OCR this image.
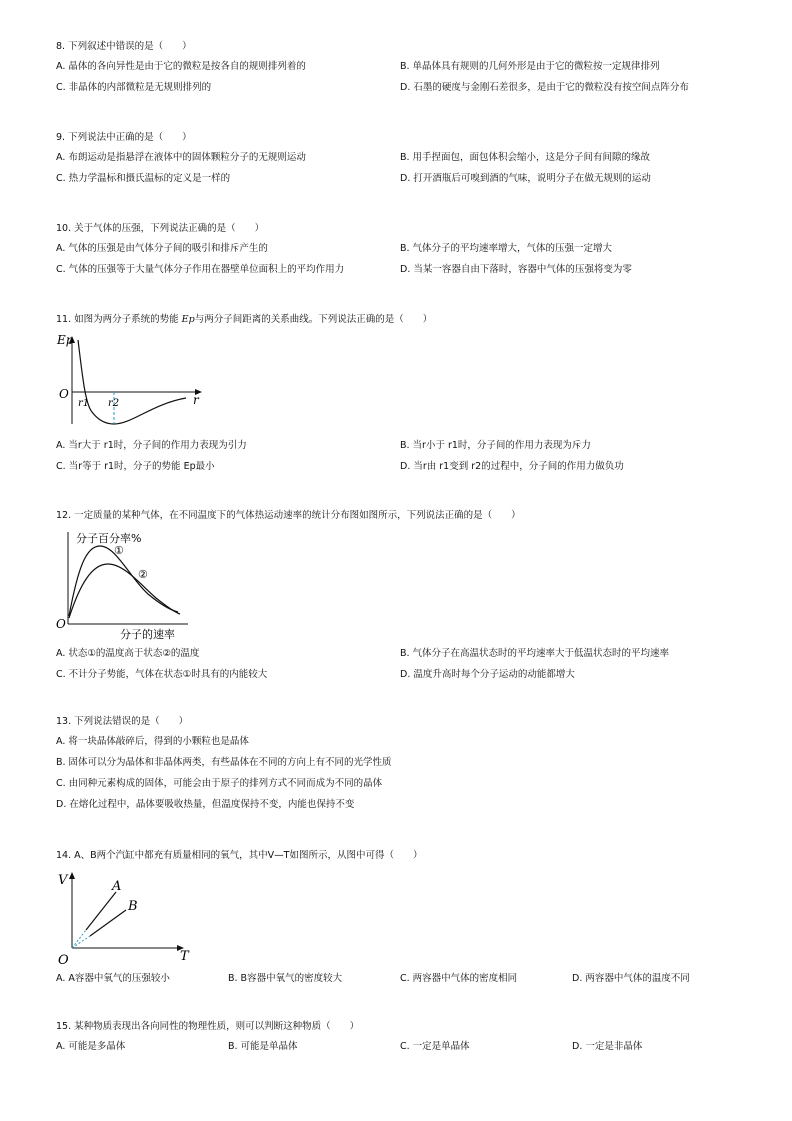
8. 下列叙述中错误的是（　　）
A. 晶体的各向异性是由于它的微粒是按各自的规则排列着的	B. 单晶体具有规则的几何外形是由于它的微粒按一定规律排列
C. 非晶体的内部微粒是无规则排列的	D. 石墨的硬度与金刚石差很多，是由于它的微粒没有按空间点阵分布
9. 下列说法中正确的是（　　）
A. 布朗运动是指悬浮在液体中的固体颗粒分子的无规则运动	B. 用手捏面包，面包体积会缩小，这是分子间有间隙的缘故
C. 热力学温标和摄氏温标的定义是一样的	D. 打开酒瓶后可嗅到酒的气味，说明分子在做无规则的运动
10. 关于气体的压强，下列说法正确的是（　　）
A. 气体的压强是由气体分子间的吸引和排斥产生的	B. 气体分子的平均速率增大，气体的压强一定增大
C. 气体的压强等于大量气体分子作用在器壁单位面积上的平均作用力	D. 当某一容器自由下落时，容器中气体的压强将变为零
11. 如图为两分子系统的势能 Ep与两分子间距离的关系曲线。下列说法正确的是（　　）
Ep
r
O
r1 r2
A. 当r大于 r1时，分子间的作用力表现为引力	B. 当r小于 r1时，分子间的作用力表现为斥力
C. 当r等于 r1时，分子的势能 Ep最小	D. 当r由 r1变到 r2的过程中，分子间的作用力做负功
12. 一定质量的某种气体，在不同温度下的气体热运动速率的统计分布图如图所示，下列说法正确的是（　　）
分子百分率%
分子的速率
O
①
②
A. 状态①的温度高于状态②的温度	B. 气体分子在高温状态时的平均速率大于低温状态时的平均速率
C. 不计分子势能，气体在状态①时具有的内能较大	D. 温度升高时每个分子运动的动能都增大
13. 下列说法错误的是（　　）
A. 将一块晶体敲碎后，得到的小颗粒也是晶体
B. 固体可以分为晶体和非晶体两类，有些晶体在不同的方向上有不同的光学性质
C. 由同种元素构成的固体，可能会由于原子的排列方式不同而成为不同的晶体
D. 在熔化过程中，晶体要吸收热量，但温度保持不变，内能也保持不变
14. A、B两个汽缸中都充有质量相同的氧气，其中V—T如图所示，从图中可得（　　）
V
T
O
A
B
A. A容器中氧气的压强较小	B. B容器中氧气的密度较大	C. 两容器中气体的密度相同	D. 两容器中气体的温度不同
15. 某种物质表现出各向同性的物理性质，则可以判断这种物质（　　）
A. 可能是多晶体	B. 可能是单晶体	C. 一定是单晶体	D. 一定是非晶体
